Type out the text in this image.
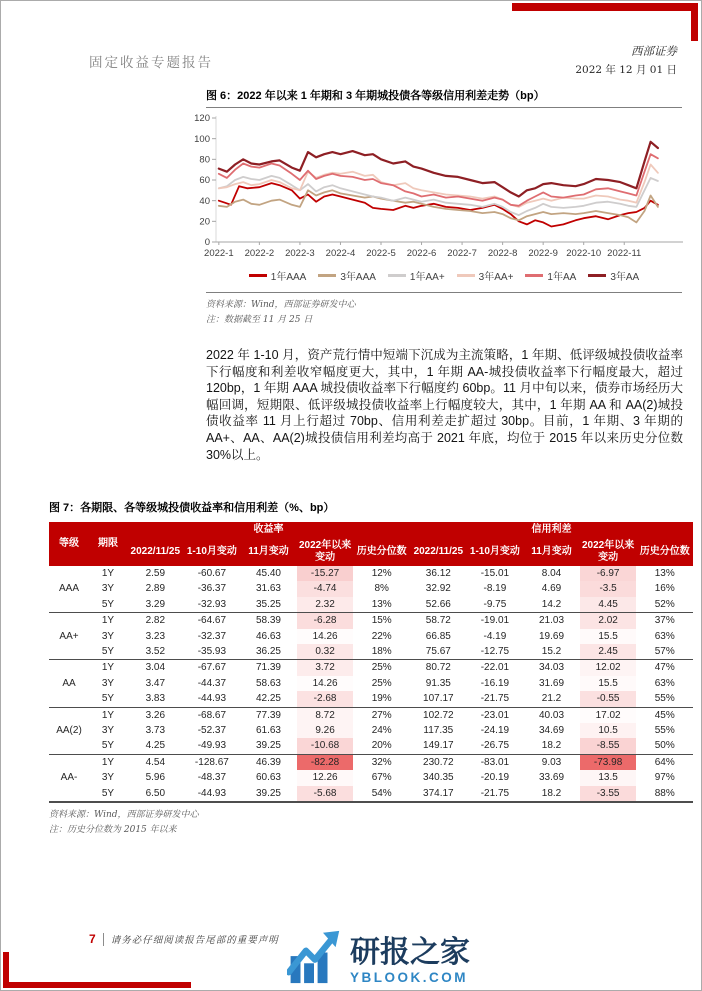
固定收益专题报告
西部证券
2022 年 12 月 01 日
图 6：2022 年以来 1 年期和 3 年期城投债各等级信用利差走势（bp）
0
20
40
60
80
100
120
2022-1 2022-2 2022-3 2022-4 2022-5 2022-6 2022-7 2022-8 2022-9 2022-10 2022-11
1年AAA	3年AAA	1年AA+	3年AA+	1年AA	3年AA
资料来源：Wind，西部证券研发中心
注：数据截至 11 月 25 日

2022 年 1-10 月，资产荒行情中短端下沉成为主流策略，1 年期、低评级城投债收益率下行幅度和利差收窄幅度更大，其中，1 年期 AA-城投债收益率下行幅度最大，超过 120bp，1 年期 AAA 城投债收益率下行幅度约 60bp。11 月中旬以来，债券市场经历大幅回调，短期限、低评级城投债收益率上行幅度较大，其中，1 年期 AA 和 AA(2)城投债收益率 11 月上行超过 70bp、信用利差走扩超过 30bp。目前，1 年期、3 年期的 AA+、AA、AA(2)城投债信用利差均高于 2021 年底，均位于 2015 年以来历史分位数 30%以上。

图 7：各期限、各等级城投债收益率和信用利差（%、bp）
等级	期限	收益率					信用利差				
		2022/11/25	1-10月变动	11月变动	2022年以来变动	历史分位数	2022/11/25	1-10月变动	11月变动	2022年以来变动	历史分位数
AAA	1Y	2.59	-60.67	45.40	-15.27	12%	36.12	-15.01	8.04	-6.97	13%
	3Y	2.89	-36.37	31.63	-4.74	8%	32.92	-8.19	4.69	-3.5	16%
	5Y	3.29	-32.93	35.25	2.32	13%	52.66	-9.75	14.2	4.45	52%
AA+	1Y	2.82	-64.67	58.39	-6.28	15%	58.72	-19.01	21.03	2.02	37%
	3Y	3.23	-32.37	46.63	14.26	22%	66.85	-4.19	19.69	15.5	63%
	5Y	3.52	-35.93	36.25	0.32	18%	75.67	-12.75	15.2	2.45	57%
AA	1Y	3.04	-67.67	71.39	3.72	25%	80.72	-22.01	34.03	12.02	47%
	3Y	3.47	-44.37	58.63	14.26	25%	91.35	-16.19	31.69	15.5	63%
	5Y	3.83	-44.93	42.25	-2.68	19%	107.17	-21.75	21.2	-0.55	55%
AA(2)	1Y	3.26	-68.67	77.39	8.72	27%	102.72	-23.01	40.03	17.02	45%
	3Y	3.73	-52.37	61.63	9.26	24%	117.35	-24.19	34.69	10.5	55%
	5Y	4.25	-49.93	39.25	-10.68	20%	149.17	-26.75	18.2	-8.55	50%
AA-	1Y	4.54	-128.67	46.39	-82.28	32%	230.72	-83.01	9.03	-73.98	64%
	3Y	5.96	-48.37	60.63	12.26	67%	340.35	-20.19	33.69	13.5	97%
	5Y	6.50	-44.93	39.25	-5.68	54%	374.17	-21.75	18.2	-3.55	88%
资料来源：Wind，西部证券研发中心
注：历史分位数为 2015 年以来
7 请务必仔细阅读报告尾部的重要声明 研报之家
YBLOOK.COM
